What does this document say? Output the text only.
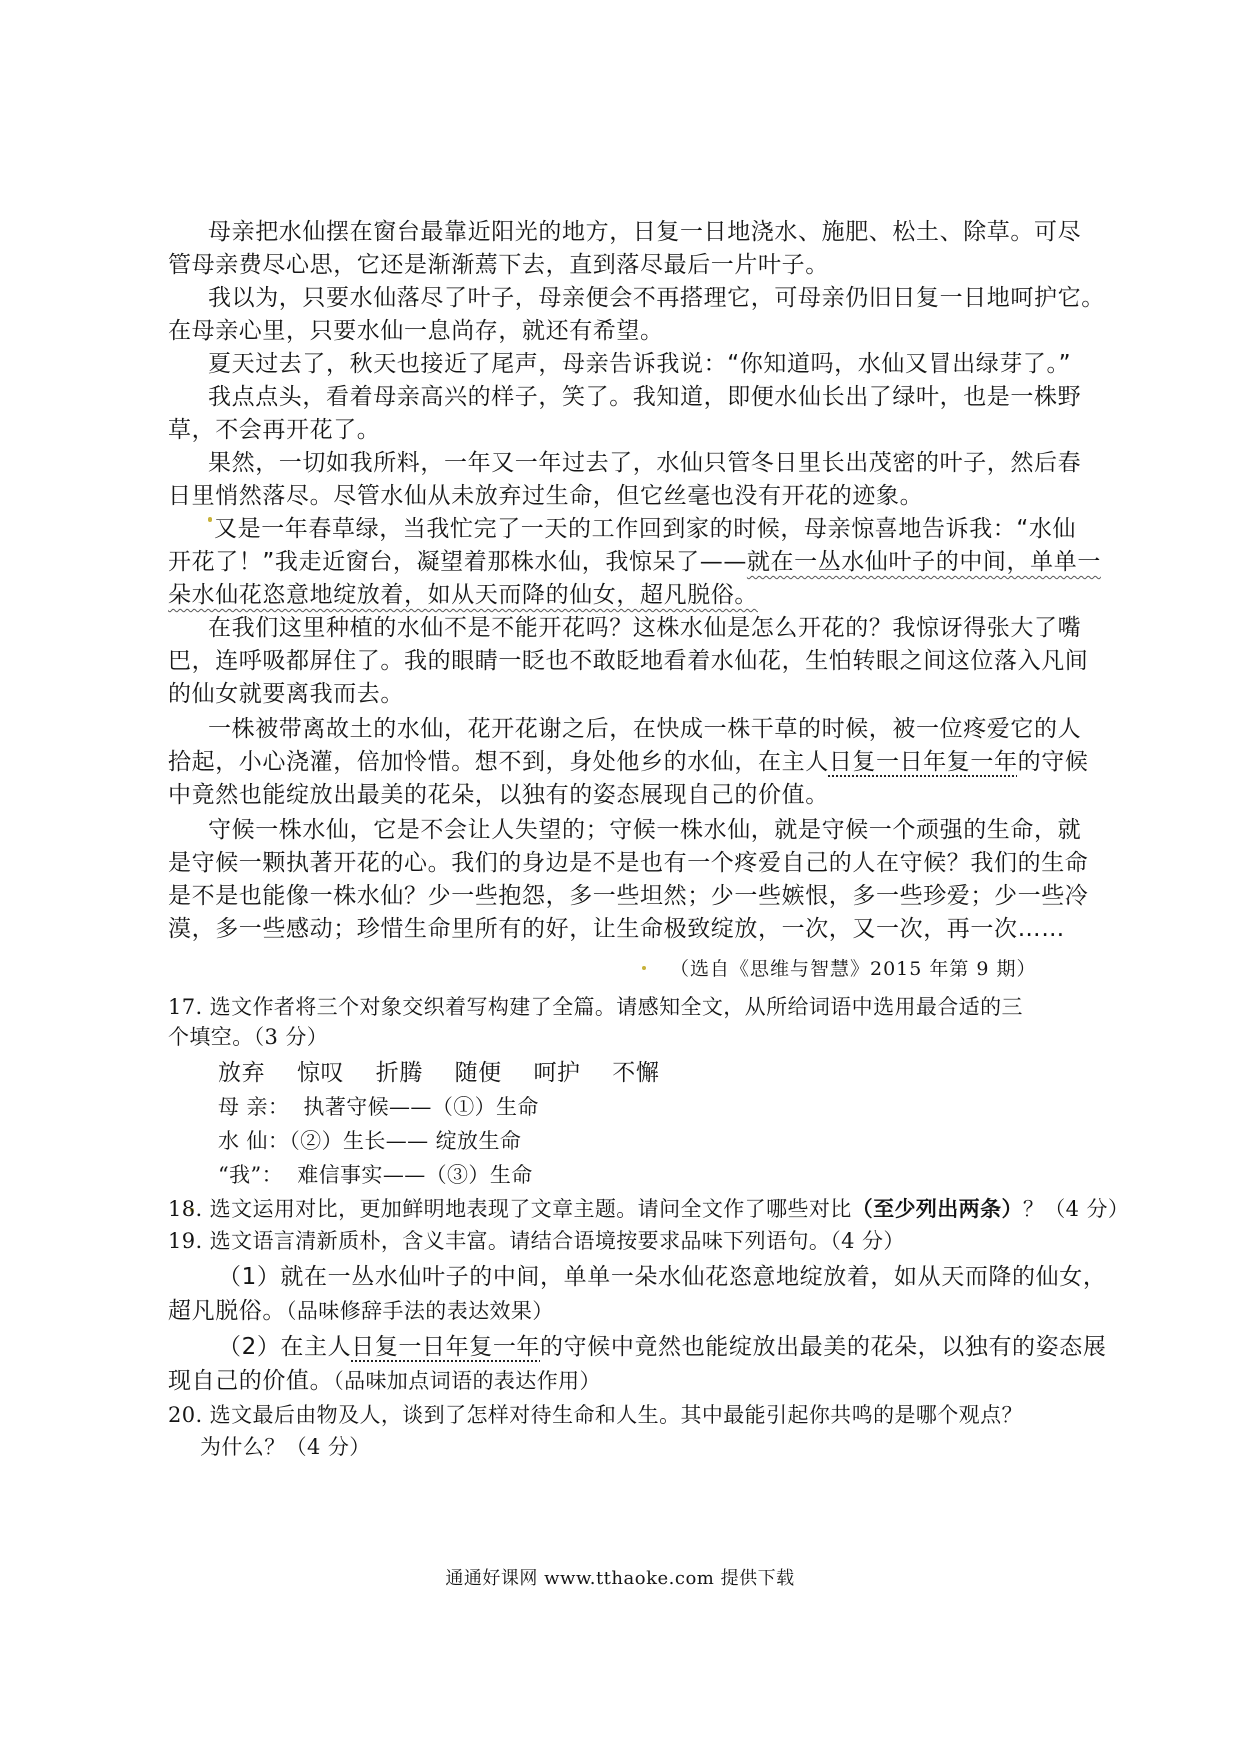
母亲把水仙摆在窗台最靠近阳光的地方，日复一日地浇水、施肥、松土、除草。可尽
管母亲费尽心思，它还是渐渐蔫下去，直到落尽最后一片叶子。
我以为，只要水仙落尽了叶子，母亲便会不再搭理它，可母亲仍旧日复一日地呵护它。
在母亲心里，只要水仙一息尚存，就还有希望。
夏天过去了，秋天也接近了尾声，母亲告诉我说：“你知道吗，水仙又冒出绿芽了。”
我点点头，看着母亲高兴的样子，笑了。我知道，即便水仙长出了绿叶，也是一株野
草，不会再开花了。
果然，一切如我所料，一年又一年过去了，水仙只管冬日里长出茂密的叶子，然后春
日里悄然落尽。尽管水仙从未放弃过生命，但它丝毫也没有开花的迹象。
又是一年春草绿，当我忙完了一天的工作回到家的时候，母亲惊喜地告诉我：“水仙
开花了！”我走近窗台，凝望着那株水仙，我惊呆了——就在一丛水仙叶子的中间，单单一
朵水仙花恣意地绽放着，如从天而降的仙女，超凡脱俗。
在我们这里种植的水仙不是不能开花吗？这株水仙是怎么开花的？我惊讶得张大了嘴
巴，连呼吸都屏住了。我的眼睛一眨也不敢眨地看着水仙花，生怕转眼之间这位落入凡间
的仙女就要离我而去。
一株被带离故土的水仙，花开花谢之后，在快成一株干草的时候，被一位疼爱它的人
拾起，小心浇灌，倍加怜惜。想不到，身处他乡的水仙，在主人日复一日年复一年的守候
中竟然也能绽放出最美的花朵，以独有的姿态展现自己的价值。
守候一株水仙，它是不会让人失望的；守候一株水仙，就是守候一个顽强的生命，就
是守候一颗执著开花的心。我们的身边是不是也有一个疼爱自己的人在守候？我们的生命
是不是也能像一株水仙？少一些抱怨，多一些坦然；少一些嫉恨，多一些珍爱；少一些冷
漠，多一些感动；珍惜生命里所有的好，让生命极致绽放，一次，又一次，再一次……
（选自《思维与智慧》2015 年第 9 期）
17. 选文作者将三个对象交织着写构建了全篇。请感知全文，从所给词语中选用最合适的三
个填空。（3 分）
放弃 惊叹 折腾 随便 呵护 不懈
母 亲：  执著守候——（①）生命
水 仙：（②）生长—— 绽放生命
“我”：  难信事实——（③）生命
18. 选文运用对比，更加鲜明地表现了文章主题。请问全文作了哪些对比（至少列出两条）？（4 分）
19. 选文语言清新质朴，含义丰富。请结合语境按要求品味下列语句。（4 分）
（1）就在一丛水仙叶子的中间，单单一朵水仙花恣意地绽放着，如从天而降的仙女，
超凡脱俗。（品味修辞手法的表达效果）
（2）在主人日复一日年复一年的守候中竟然也能绽放出最美的花朵，以独有的姿态展
现自己的价值。（品味加点词语的表达作用）
20. 选文最后由物及人，谈到了怎样对待生命和人生。其中最能引起你共鸣的是哪个观点？
为什么？（4 分）
通通好课网 www.tthaoke.com 提供下载
